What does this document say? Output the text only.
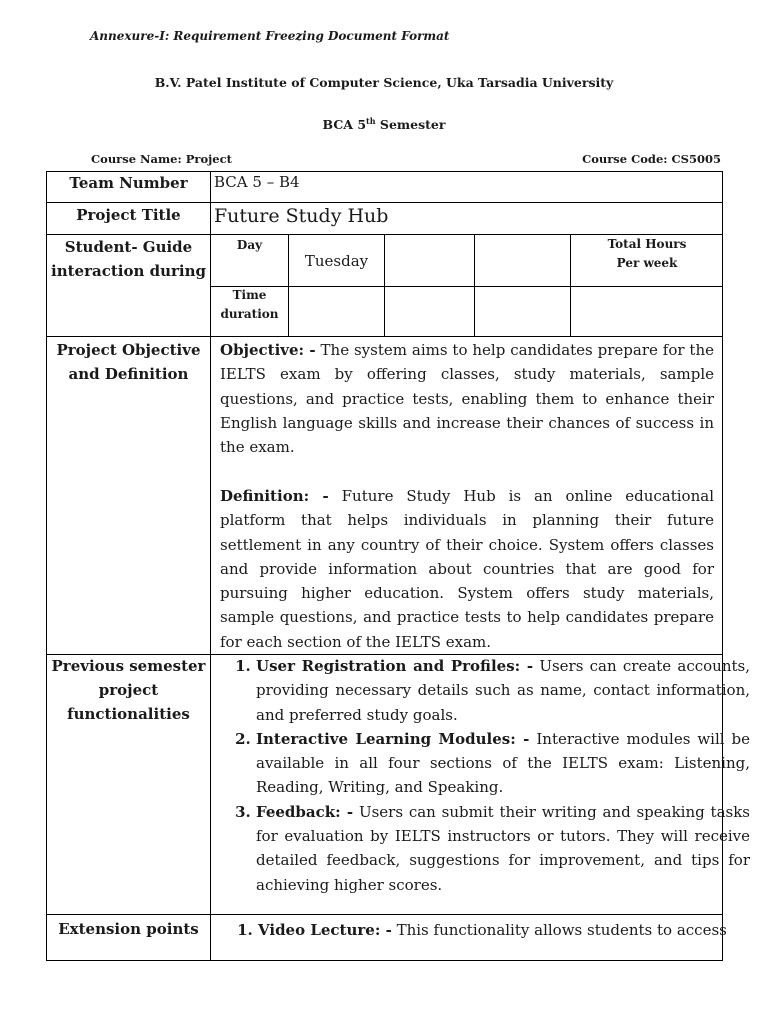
Annexure-I: Requirement Freezing Document Format
B.V. Patel Institute of Computer Science, Uka Tarsadia University
BCA 5th Semester
Course Name: Project	Course Code: CS5005
Team Number	BCA 5 – B4
Project Title	Future Study Hub
Student- Guide
interaction during
Day
Tuesday
Total Hours
Per week
Time
duration
Project Objective
and Definition

Objective: - The system aims to help candidates prepare for the IELTS exam by offering classes, study materials, sample questions, and practice tests, enabling them to enhance their English language skills and increase their chances of success in the exam.

Definition: - Future Study Hub is an online educational platform that helps individuals in planning their future settlement in any country of their choice. System offers classes and provide information about countries that are good for pursuing higher education. System offers study materials, sample questions, and practice tests to help candidates prepare for each section of the IELTS exam.

Previous semester
project
functionalities
1. User Registration and Profiles: - Users can create accounts, providing necessary details such as name, contact information, and preferred study goals.
2. Interactive Learning Modules: - Interactive modules will be available in all four sections of the IELTS exam: Listening, Reading, Writing, and Speaking.
3. Feedback: - Users can submit their writing and speaking tasks for evaluation by IELTS instructors or tutors. They will receive detailed feedback, suggestions for improvement, and tips for achieving higher scores.
Extension points
1.	Video Lecture: - This functionality allows students to access
